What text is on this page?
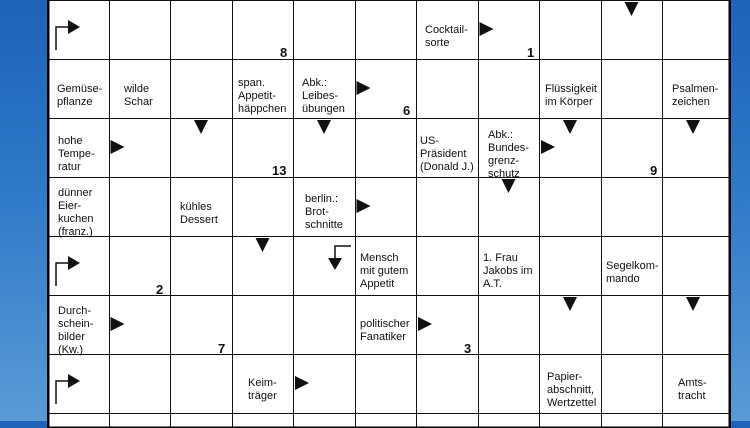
Cocktail-
sorte
Gemüse-
pflanze
wilde
Schar
span.
Appetit-
häppchen
Abk.:
Leibes-
übungen
Flüssigkeit
im Körper
Psalmen-
zeichen
hohe
Tempe-
ratur
US-
Präsident
(Donald J.)
Abk.:
Bundes-
grenz-
schutz
dünner
Eier-
kuchen
(franz.)
kühles
Dessert
berlin.:
Brot-
schnitte
Mensch
mit gutem
Appetit
1. Frau
Jakobs im
A.T.
Segelkom-
mando
Durch-
schein-
bilder
(Kw.)
politischer
Fanatiker
Keim-
träger
Papier-
abschnitt,
Wertzettel
Amts-
tracht
8	1
6
13	9
2
7	3
